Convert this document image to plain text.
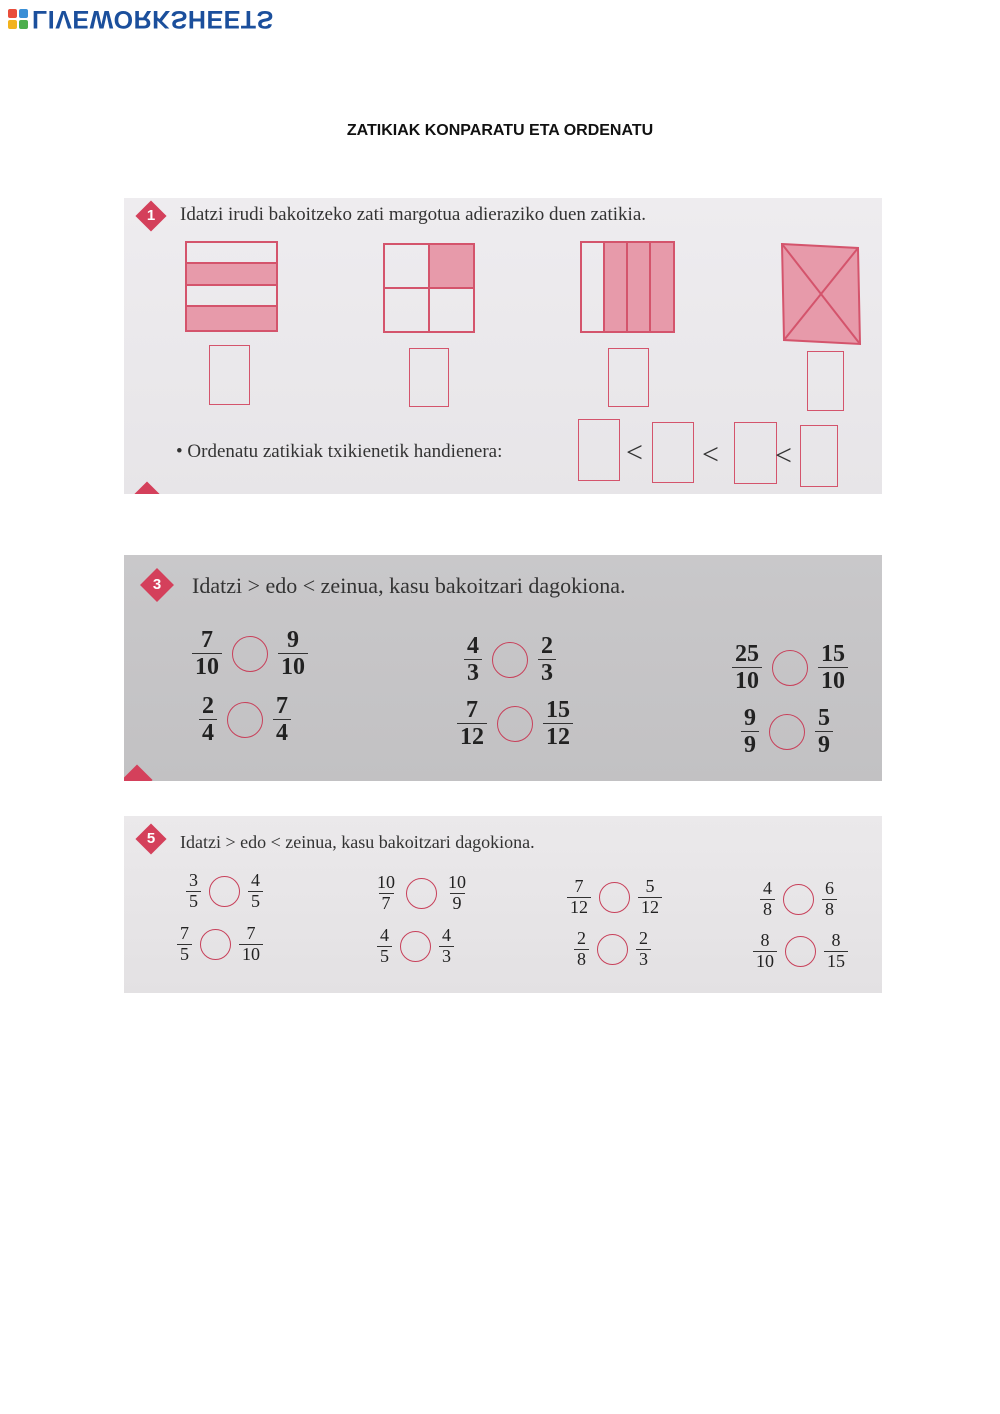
LIVEWORKSHEETS
ZATIKIAK KONPARATU ETA ORDENATU
1	Idatzi irudi bakoitzeko zati margotua adieraziko duen zatikia.
• Ordenatu zatikiak txikienetik handienera:	< < <
3	Idatzi > edo < zeinua, kasu bakoitzari dagokiona.
$\frac{7}{10} \frac{9}{10}$	$\frac{4}{3} \frac{2}{3}$	$\frac{25}{10} \frac{15}{10}$
$\frac{2}{4} \frac{7}{4}$	$\frac{7}{12} \frac{15}{12}$	$\frac{9}{9} \frac{5}{9}$
5	Idatzi > edo < zeinua, kasu bakoitzari dagokiona.
$\frac{3}{5}$	$\frac{4}{5}$	$\frac{10}{7}$	$\frac{10}{9}$	$\frac{7}{12}$	$\frac{5}{12}$	$\frac{4}{8}$	$\frac{6}{8}$
$\frac{7}{5}$	$\frac{7}{10}$	$\frac{4}{5}$	$\frac{4}{3}$	$\frac{2}{8}$	$\frac{2}{3}$	$\frac{8}{10}$	$\frac{8}{15}$
